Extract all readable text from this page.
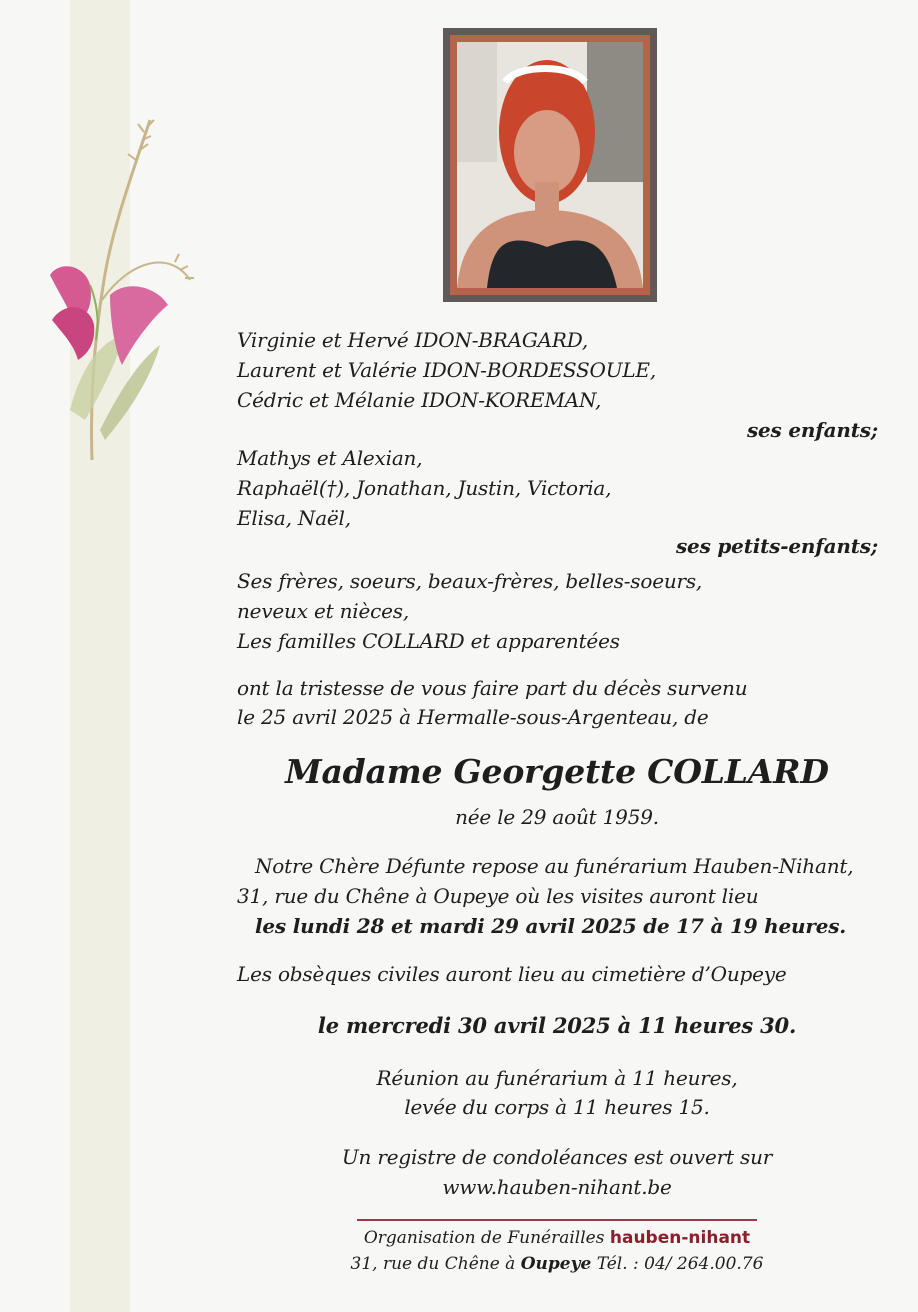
Virginie et Hervé IDON-BRAGARD,
Laurent et Valérie IDON-BORDESSOULE,
Cédric et Mélanie IDON-KOREMAN,
ses enfants;
Mathys et Alexian,
Raphaël(†), Jonathan, Justin, Victoria,
Elisa, Naël,
ses petits-enfants;
Ses frères, soeurs, beaux-frères, belles-soeurs,
neveux et nièces,
Les familles COLLARD et apparentées
ont la tristesse de vous faire part du décès survenu
le 25 avril 2025 à Hermalle-sous-Argenteau, de
Madame Georgette COLLARD
née le 29 août 1959.
Notre Chère Défunte repose au funérarium Hauben-Nihant,
31, rue du Chêne à Oupeye où les visites auront lieu
les lundi 28 et mardi 29 avril 2025 de 17 à 19 heures.
Les obsèques civiles auront lieu au cimetière d’Oupeye
le mercredi 30 avril 2025 à 11 heures 30.
Réunion au funérarium à 11 heures,
levée du corps à 11 heures 15.
Un registre de condoléances est ouvert sur
www.hauben-nihant.be
Organisation de Funérailles hauben-nihant
31, rue du Chêne à Oupeye Tél. : 04/ 264.00.76
